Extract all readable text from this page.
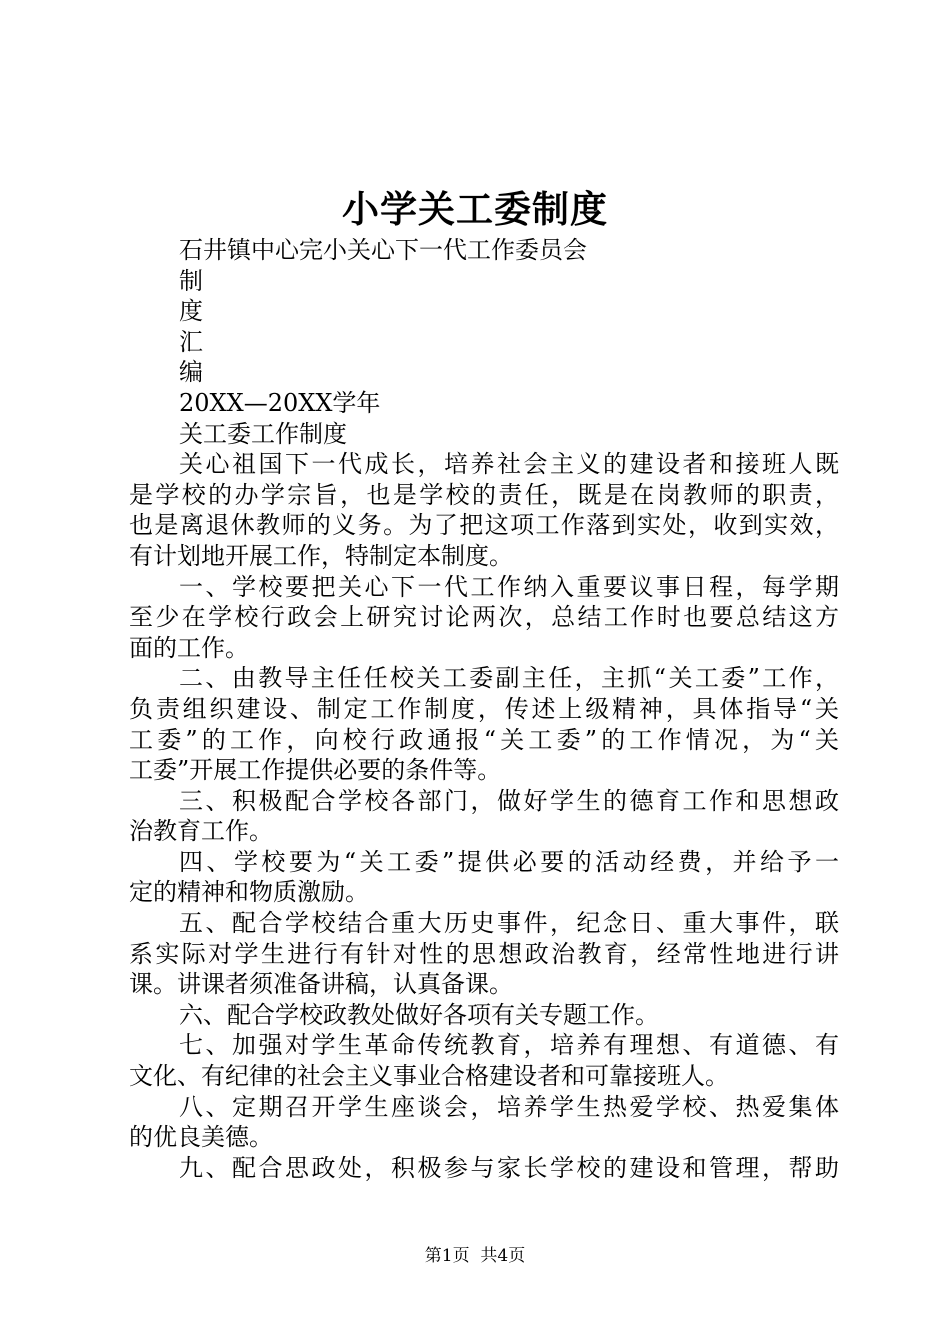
小学关工委制度
石井镇中心完小关心下一代工作委员会
制
度
汇
编
20XX—20XX学年
关工委工作制度
关心祖国下一代成长，培养社会主义的建设者和接班人既
是学校的办学宗旨，也是学校的责任，既是在岗教师的职责，
也是离退休教师的义务。为了把这项工作落到实处，收到实效，
有计划地开展工作，特制定本制度。
一、学校要把关心下一代工作纳入重要议事日程，每学期
至少在学校行政会上研究讨论两次，总结工作时也要总结这方
面的工作。
二、由教导主任任校关工委副主任，主抓“关工委”工作，
负责组织建设、制定工作制度，传述上级精神，具体指导“关
工委”的工作，向校行政通报“关工委”的工作情况，为“关
工委”开展工作提供必要的条件等。
三、积极配合学校各部门，做好学生的德育工作和思想政
治教育工作。
四、学校要为“关工委”提供必要的活动经费，并给予一
定的精神和物质激励。
五、配合学校结合重大历史事件，纪念日、重大事件，联
系实际对学生进行有针对性的思想政治教育，经常性地进行讲
课。讲课者须准备讲稿，认真备课。
六、配合学校政教处做好各项有关专题工作。
七、加强对学生革命传统教育，培养有理想、有道德、有
文化、有纪律的社会主义事业合格建设者和可靠接班人。
八、定期召开学生座谈会，培养学生热爱学校、热爱集体
的优良美德。
九、配合思政处，积极参与家长学校的建设和管理，帮助
第1页  共4页
